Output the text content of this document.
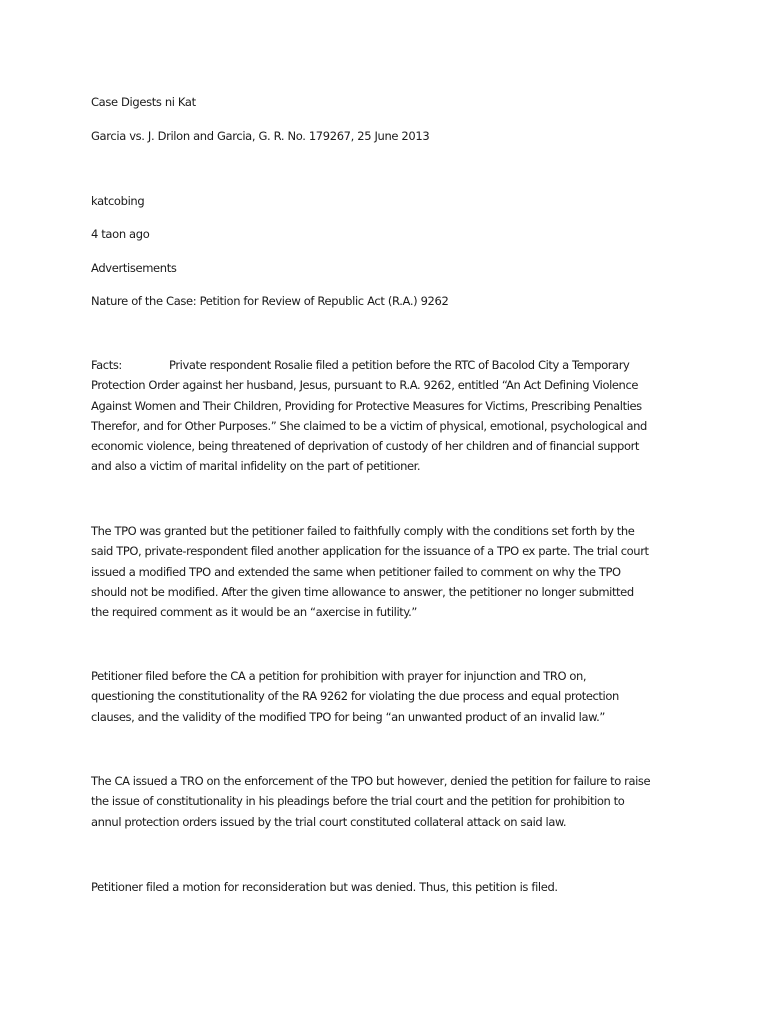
Case Digests ni Kat

Garcia vs. J. Drilon and Garcia, G. R. No. 179267, 25 June 2013

katcobing

4 taon ago

Advertisements

Nature of the Case: Petition for Review of Republic Act (R.A.) 9262

Facts:	Private respondent Rosalie filed a petition before the RTC of Bacolod City a Temporary
Protection Order against her husband, Jesus, pursuant to R.A. 9262, entitled “An Act Defining Violence
Against Women and Their Children, Providing for Protective Measures for Victims, Prescribing Penalties
Therefor, and for Other Purposes.” She claimed to be a victim of physical, emotional, psychological and
economic violence, being threatened of deprivation of custody of her children and of financial support
and also a victim of marital infidelity on the part of petitioner.
The TPO was granted but the petitioner failed to faithfully comply with the conditions set forth by the
said TPO, private-respondent filed another application for the issuance of a TPO ex parte. The trial court
issued a modified TPO and extended the same when petitioner failed to comment on why the TPO
should not be modified. After the given time allowance to answer, the petitioner no longer submitted
the required comment as it would be an “axercise in futility.”
Petitioner filed before the CA a petition for prohibition with prayer for injunction and TRO on,
questioning the constitutionality of the RA 9262 for violating the due process and equal protection
clauses, and the validity of the modified TPO for being “an unwanted product of an invalid law.”
The CA issued a TRO on the enforcement of the TPO but however, denied the petition for failure to raise
the issue of constitutionality in his pleadings before the trial court and the petition for prohibition to
annul protection orders issued by the trial court constituted collateral attack on said law.

Petitioner filed a motion for reconsideration but was denied. Thus, this petition is filed.
